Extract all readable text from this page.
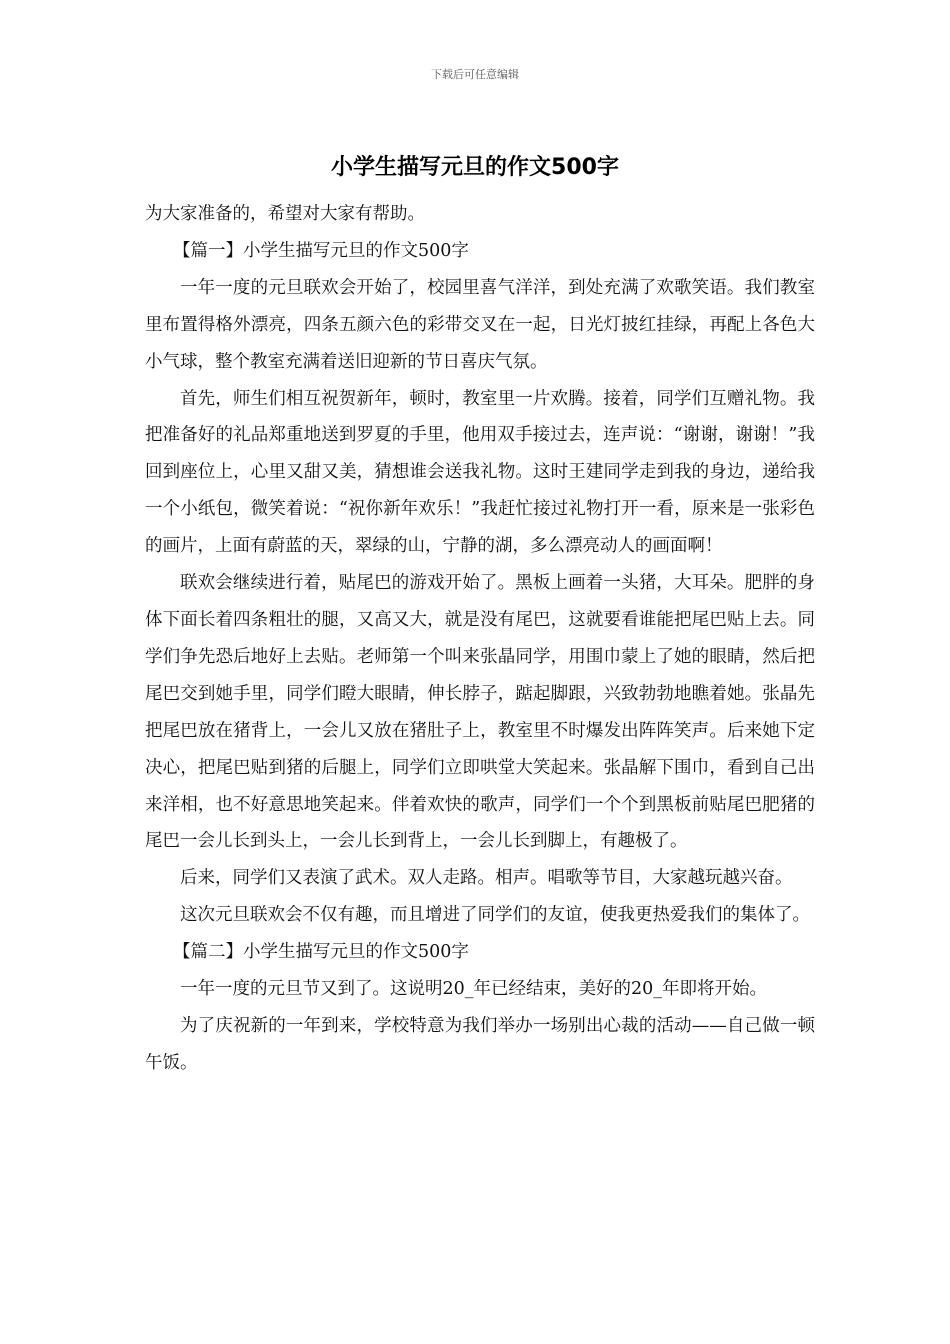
下载后可任意编辑
小学生描写元旦的作文500字

为大家准备的，希望对大家有帮助。

【篇一】小学生描写元旦的作文500字

一年一度的元旦联欢会开始了，校园里喜气洋洋，到处充满了欢歌笑语。我们教室里布置得格外漂亮，四条五颜六色的彩带交叉在一起，日光灯披红挂绿，再配上各色大小气球，整个教室充满着送旧迎新的节日喜庆气氛。

首先，师生们相互祝贺新年，顿时，教室里一片欢腾。接着，同学们互赠礼物。我把准备好的礼品郑重地送到罗夏的手里，他用双手接过去，连声说：“谢谢，谢谢！”我回到座位上，心里又甜又美，猜想谁会送我礼物。这时王建同学走到我的身边，递给我一个小纸包，微笑着说：“祝你新年欢乐！”我赶忙接过礼物打开一看，原来是一张彩色的画片，上面有蔚蓝的天，翠绿的山，宁静的湖，多么漂亮动人的画面啊！

联欢会继续进行着，贴尾巴的游戏开始了。黑板上画着一头猪，大耳朵。肥胖的身体下面长着四条粗壮的腿，又高又大，就是没有尾巴，这就要看谁能把尾巴贴上去。同学们争先恐后地好上去贴。老师第一个叫来张晶同学，用围巾蒙上了她的眼睛，然后把尾巴交到她手里，同学们瞪大眼睛，伸长脖子，踮起脚跟，兴致勃勃地瞧着她。张晶先把尾巴放在猪背上，一会儿又放在猪肚子上，教室里不时爆发出阵阵笑声。后来她下定决心，把尾巴贴到猪的后腿上，同学们立即哄堂大笑起来。张晶解下围巾，看到自己出来洋相，也不好意思地笑起来。伴着欢快的歌声，同学们一个个到黑板前贴尾巴肥猪的尾巴一会儿长到头上，一会儿长到背上，一会儿长到脚上，有趣极了。

后来，同学们又表演了武术。双人走路。相声。唱歌等节目，大家越玩越兴奋。

这次元旦联欢会不仅有趣，而且增进了同学们的友谊，使我更热爱我们的集体了。

【篇二】小学生描写元旦的作文500字

一年一度的元旦节又到了。这说明20_年已经结束，美好的20_年即将开始。

为了庆祝新的一年到来，学校特意为我们举办一场别出心裁的活动——自己做一顿午饭。
